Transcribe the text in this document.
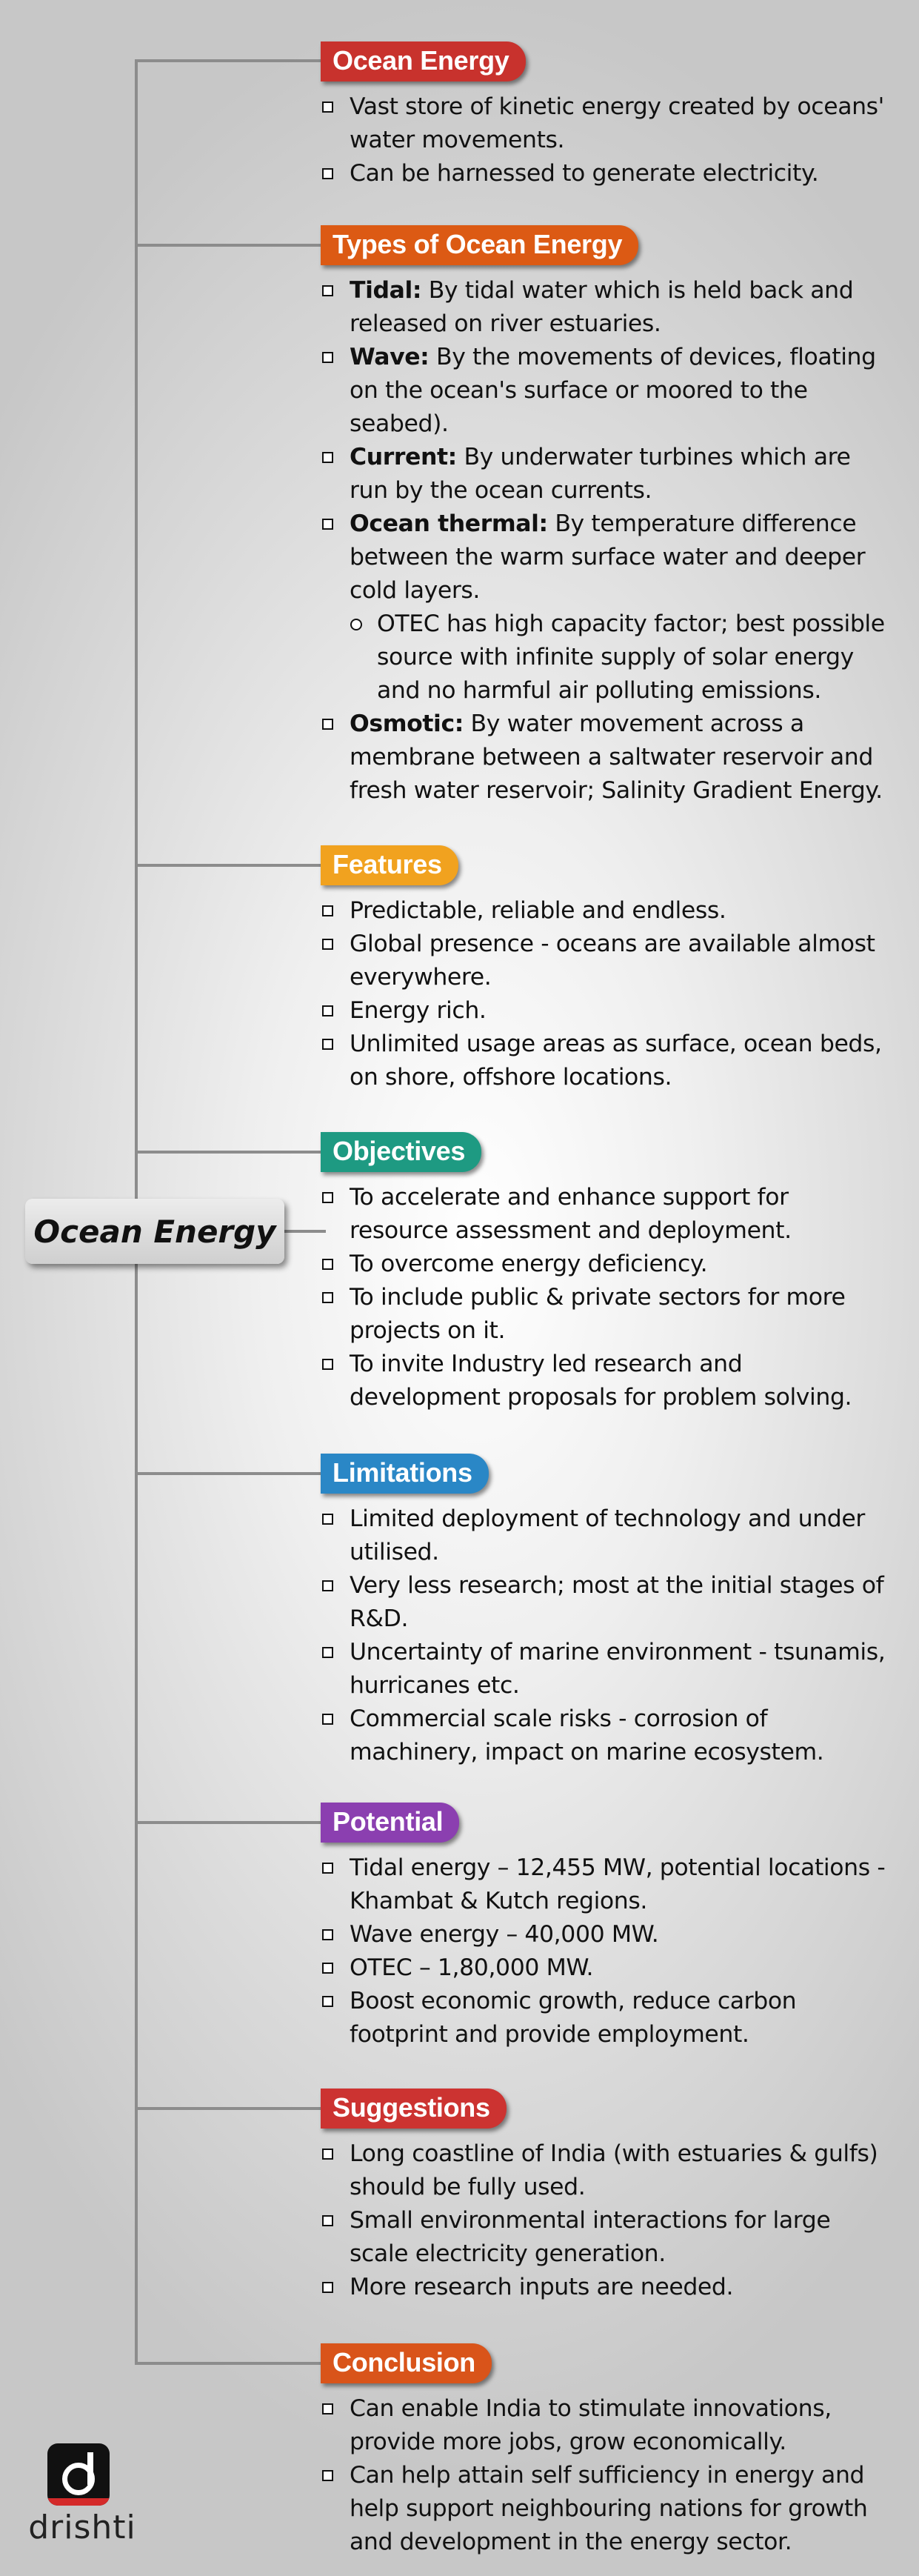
Ocean Energy
Ocean Energy
Vast store of kinetic energy created by oceans' water movements.
Can be harnessed to generate electricity.
Types of Ocean Energy
Tidal: By tidal water which is held back and released on river estuaries.
Wave: By the movements of devices, floating on the ocean's surface or moored to the seabed).
Current: By underwater turbines which are run by the ocean currents.
Ocean thermal: By temperature difference between the warm surface water and deeper cold layers.
OTEC has high capacity factor; best possible source with infinite supply of solar energy and no harmful air polluting emissions.
Osmotic: By water movement across a membrane between a saltwater reservoir and fresh water reservoir; Salinity Gradient Energy.
Features
Predictable, reliable and endless.
Global presence - oceans are available almost everywhere.
Energy rich.
Unlimited usage areas as surface, ocean beds, on shore, offshore locations.
Objectives
To accelerate and enhance support for resource assessment and deployment.
To overcome energy deficiency.
To include public & private sectors for more projects on it.
To invite Industry led research and development proposals for problem solving.
Limitations
Limited deployment of technology and under utilised.
Very less research; most at the initial stages of R&D.
Uncertainty of marine environment - tsunamis, hurricanes etc.
Commercial scale risks - corrosion of machinery, impact on marine ecosystem.
Potential
Tidal energy – 12,455 MW, potential locations - Khambat & Kutch regions.
Wave energy – 40,000 MW.
OTEC – 1,80,000 MW.
Boost economic growth, reduce carbon footprint and provide employment.
Suggestions
Long coastline of India (with estuaries & gulfs) should be fully used.
Small environmental interactions for large scale electricity generation.
More research inputs are needed.
Conclusion
Can enable India to stimulate innovations, provide more jobs, grow economically.
Can help attain self sufficiency in energy and help support neighbouring nations for growth and development in the energy sector.
drishti
